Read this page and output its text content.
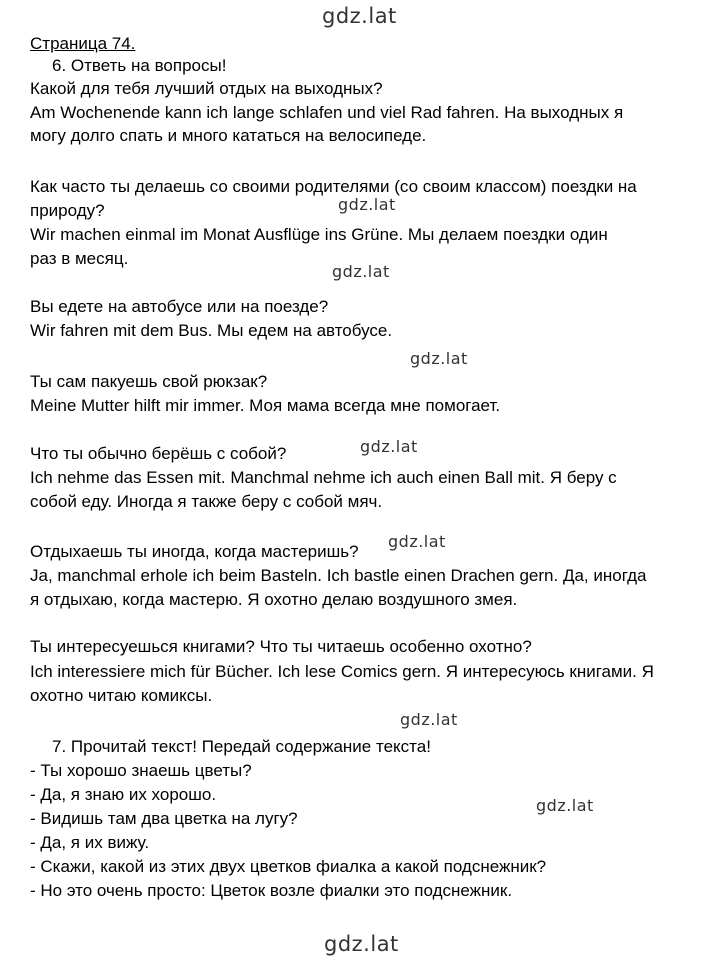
gdz.lat
gdz.lat
gdz.lat
gdz.lat
gdz.lat
gdz.lat
gdz.lat
gdz.lat
gdz.lat
Страница 74.
6. Ответь на вопросы!
Какой для тебя лучший отдых на выходных?
Am Wochenende kann ich lange schlafen und viel Rad fahren. На выходных я
могу долго спать и много кататься на велосипеде.
Как часто ты делаешь со своими родителями (со своим классом) поездки на
природу?
Wir machen einmal im Monat Ausflüge ins Grüne. Мы делаем поездки один
раз в месяц.
Вы едете на автобусе или на поезде?
Wir fahren mit dem Bus. Мы едем на автобусе.
Ты сам пакуешь свой рюкзак?
Meine Mutter hilft mir immer. Моя мама всегда мне помогает.
Что ты обычно берёшь с собой?
Ich nehme das Essen mit. Manchmal nehme ich auch einen Ball mit. Я беру с
собой еду. Иногда я также беру с собой мяч.
Отдыхаешь ты иногда, когда мастеришь?
Ja, manchmal erhole ich beim Basteln. Ich bastle einen Drachen gern. Да, иногда
я отдыхаю, когда мастерю. Я охотно делаю воздушного змея.
Ты интересуешься книгами? Что ты читаешь особенно охотно?
Ich interessiere mich für Bücher. Ich lese Comics gern. Я интересуюсь книгами. Я
охотно читаю комиксы.
7. Прочитай текст! Передай содержание текста!
- Ты хорошо знаешь цветы?
- Да, я знаю их хорошо.
- Видишь там два цветка на лугу?
- Да, я их вижу.
- Скажи, какой из этих двух цветков фиалка а какой подснежник?
- Но это очень просто: Цветок возле фиалки это подснежник.
